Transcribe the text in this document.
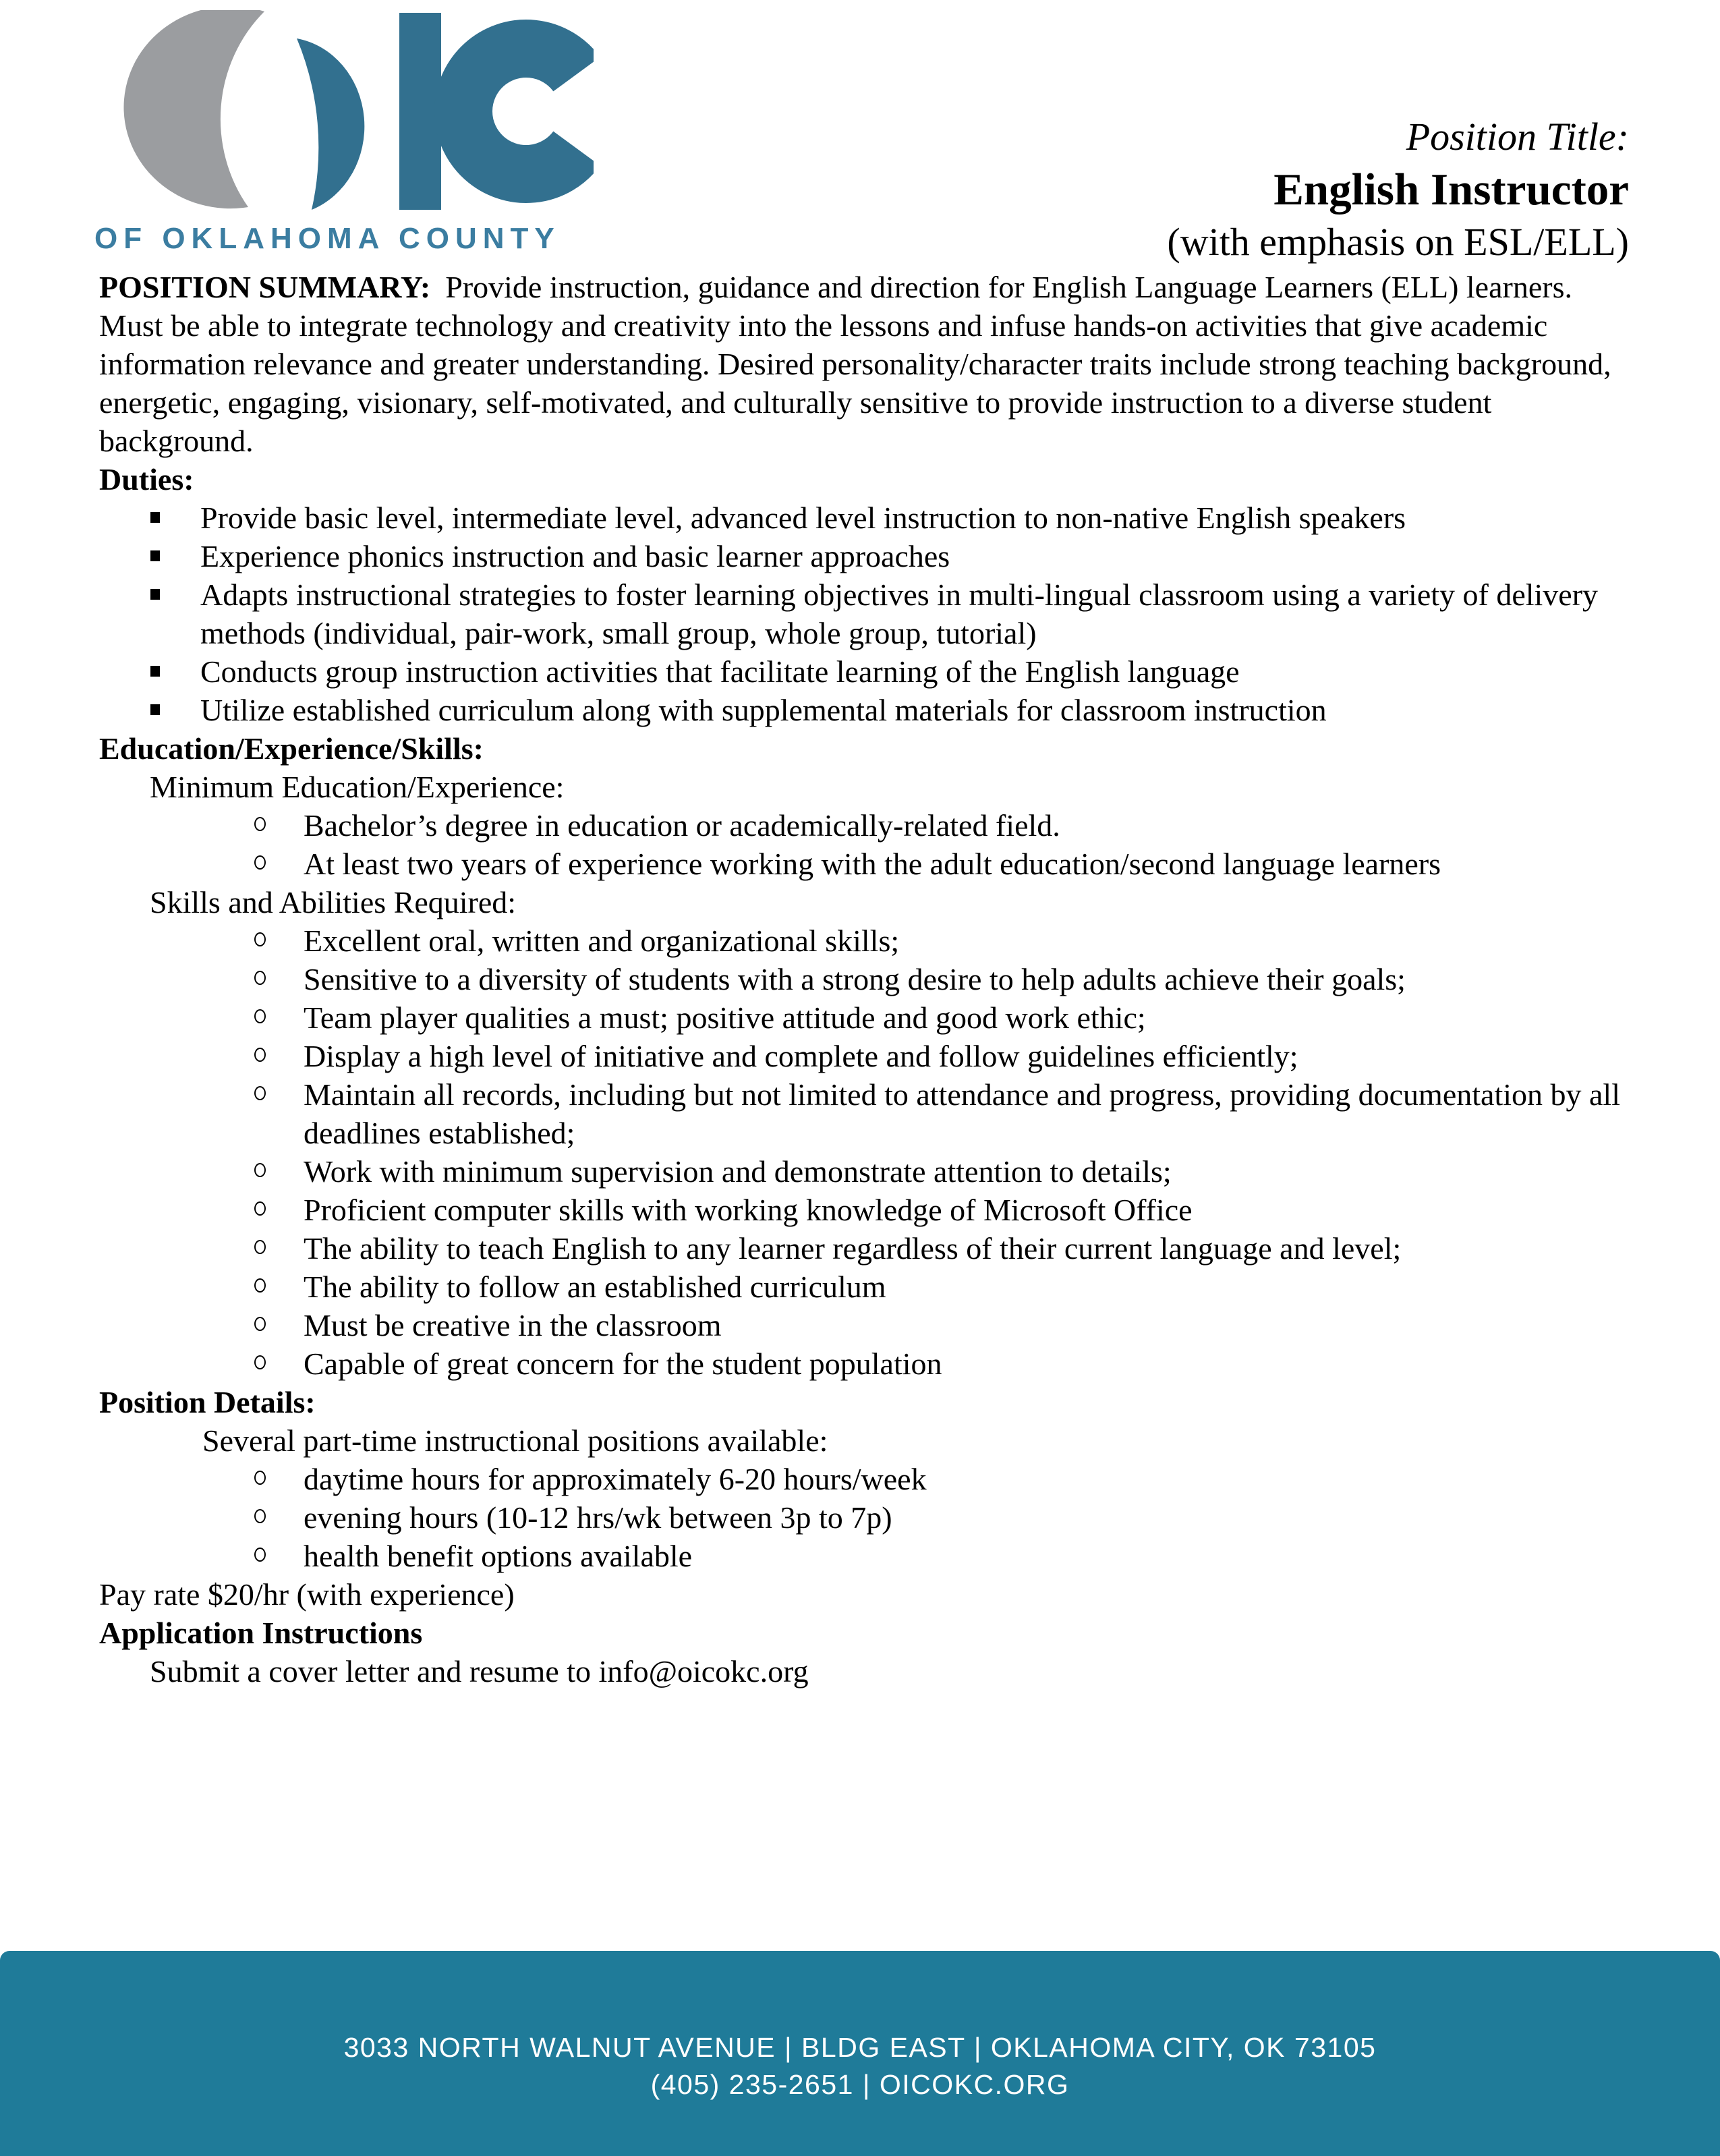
OF OKLAHOMA COUNTY
Position Title:
English Instructor
(with emphasis on ESL/ELL)

POSITION SUMMARY: Provide instruction, guidance and direction for English Language Learners (ELL) learners. Must be able to integrate technology and creativity into the lessons and infuse hands-on activities that give academic information relevance and greater understanding. Desired personality/character traits include strong teaching background, energetic, engaging, visionary, self-motivated, and culturally sensitive to provide instruction to a diverse student background.

Duties:

Provide basic level, intermediate level, advanced level instruction to non-native English speakers
Experience phonics instruction and basic learner approaches
Adapts instructional strategies to foster learning objectives in multi-lingual classroom using a variety of delivery methods (individual, pair-work, small group, whole group, tutorial)
Conducts group instruction activities that facilitate learning of the English language
Utilize established curriculum along with supplemental materials for classroom instruction

Education/Experience/Skills:

Minimum Education/Experience:

Bachelor’s degree in education or academically-related field.
At least two years of experience working with the adult education/second language learners

Skills and Abilities Required:

Excellent oral, written and organizational skills;
Sensitive to a diversity of students with a strong desire to help adults achieve their goals;
Team player qualities a must; positive attitude and good work ethic;
Display a high level of initiative and complete and follow guidelines efficiently;
Maintain all records, including but not limited to attendance and progress, providing documentation by all deadlines established;
Work with minimum supervision and demonstrate attention to details;
Proficient computer skills with working knowledge of Microsoft Office
The ability to teach English to any learner regardless of their current language and level;
The ability to follow an established curriculum
Must be creative in the classroom
Capable of great concern for the student population

Position Details:

Several part-time instructional positions available:

daytime hours for approximately 6-20 hours/week
evening hours (10-12 hrs/wk between 3p to 7p)
health benefit options available

Pay rate $20/hr (with experience)

Application Instructions

Submit a cover letter and resume to info@oicokc.org

3033 NORTH WALNUT AVENUE | BLDG EAST | OKLAHOMA CITY, OK 73105
(405) 235-2651 | OICOKC.ORG
